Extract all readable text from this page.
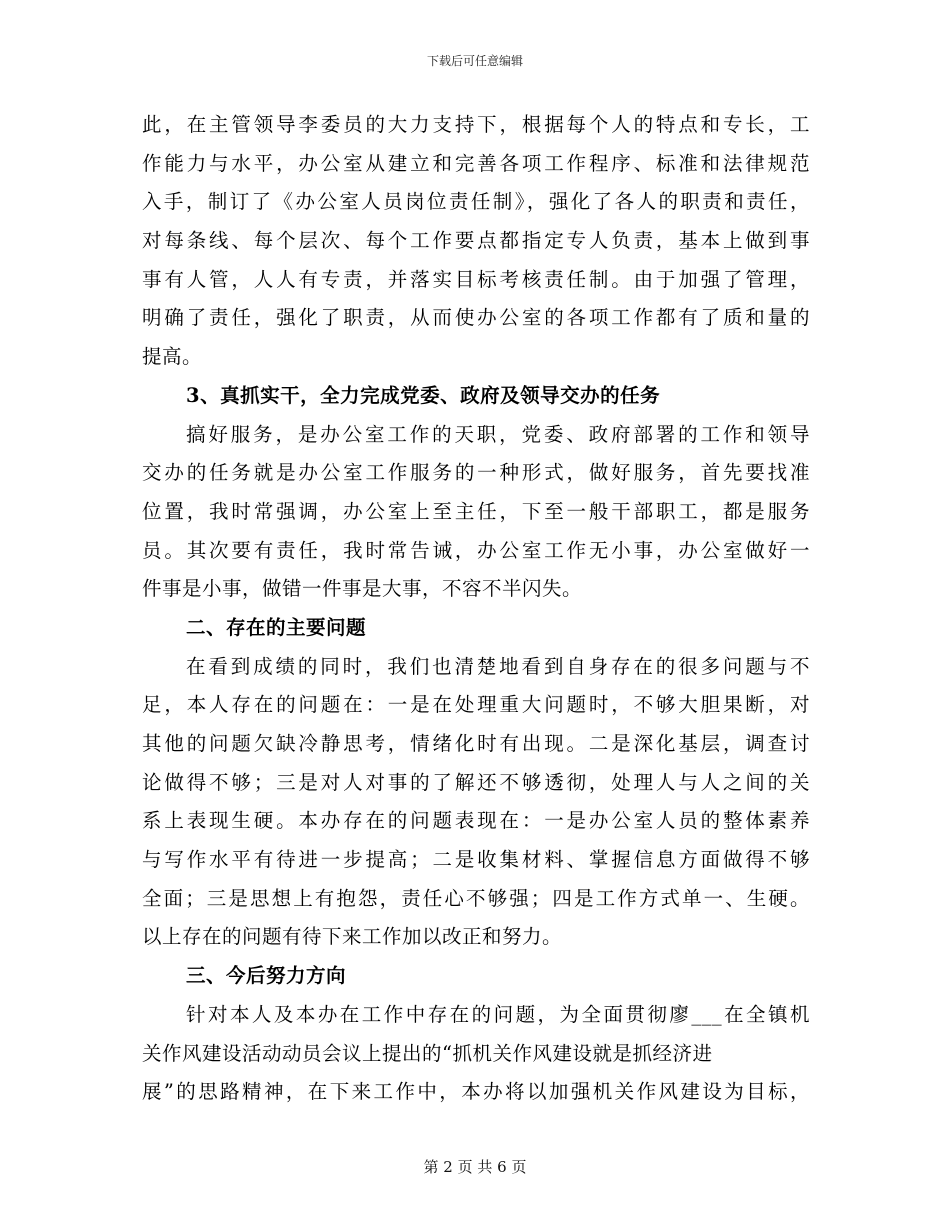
下载后可任意编辑
此，在主管领导李委员的大力支持下，根据每个人的特点和专长，工
作能力与水平，办公室从建立和完善各项工作程序、标准和法律规范
入手，制订了《办公室人员岗位责任制》，强化了各人的职责和责任，
对每条线、每个层次、每个工作要点都指定专人负责，基本上做到事
事有人管，人人有专责，并落实目标考核责任制。由于加强了管理，
明确了责任，强化了职责，从而使办公室的各项工作都有了质和量的
提高。
3、真抓实干，全力完成党委、政府及领导交办的任务
搞好服务，是办公室工作的天职，党委、政府部署的工作和领导
交办的任务就是办公室工作服务的一种形式，做好服务，首先要找准
位置，我时常强调，办公室上至主任，下至一般干部职工，都是服务
员。其次要有责任，我时常告诫，办公室工作无小事，办公室做好一
件事是小事，做错一件事是大事，不容不半闪失。
二、存在的主要问题
在看到成绩的同时，我们也清楚地看到自身存在的很多问题与不
足，本人存在的问题在：一是在处理重大问题时，不够大胆果断，对
其他的问题欠缺冷静思考，情绪化时有出现。二是深化基层，调查讨
论做得不够；三是对人对事的了解还不够透彻，处理人与人之间的关
系上表现生硬。本办存在的问题表现在：一是办公室人员的整体素养
与写作水平有待进一步提高；二是收集材料、掌握信息方面做得不够
全面；三是思想上有抱怨，责任心不够强；四是工作方式单一、生硬。
以上存在的问题有待下来工作加以改正和努力。
三、今后努力方向
针对本人及本办在工作中存在的问题，为全面贯彻廖___在全镇机
关作风建设活动动员会议上提出的“抓机关作风建设就是抓经济进
展”的思路精神，在下来工作中，本办将以加强机关作风建设为目标，
第 2 页 共 6 页
